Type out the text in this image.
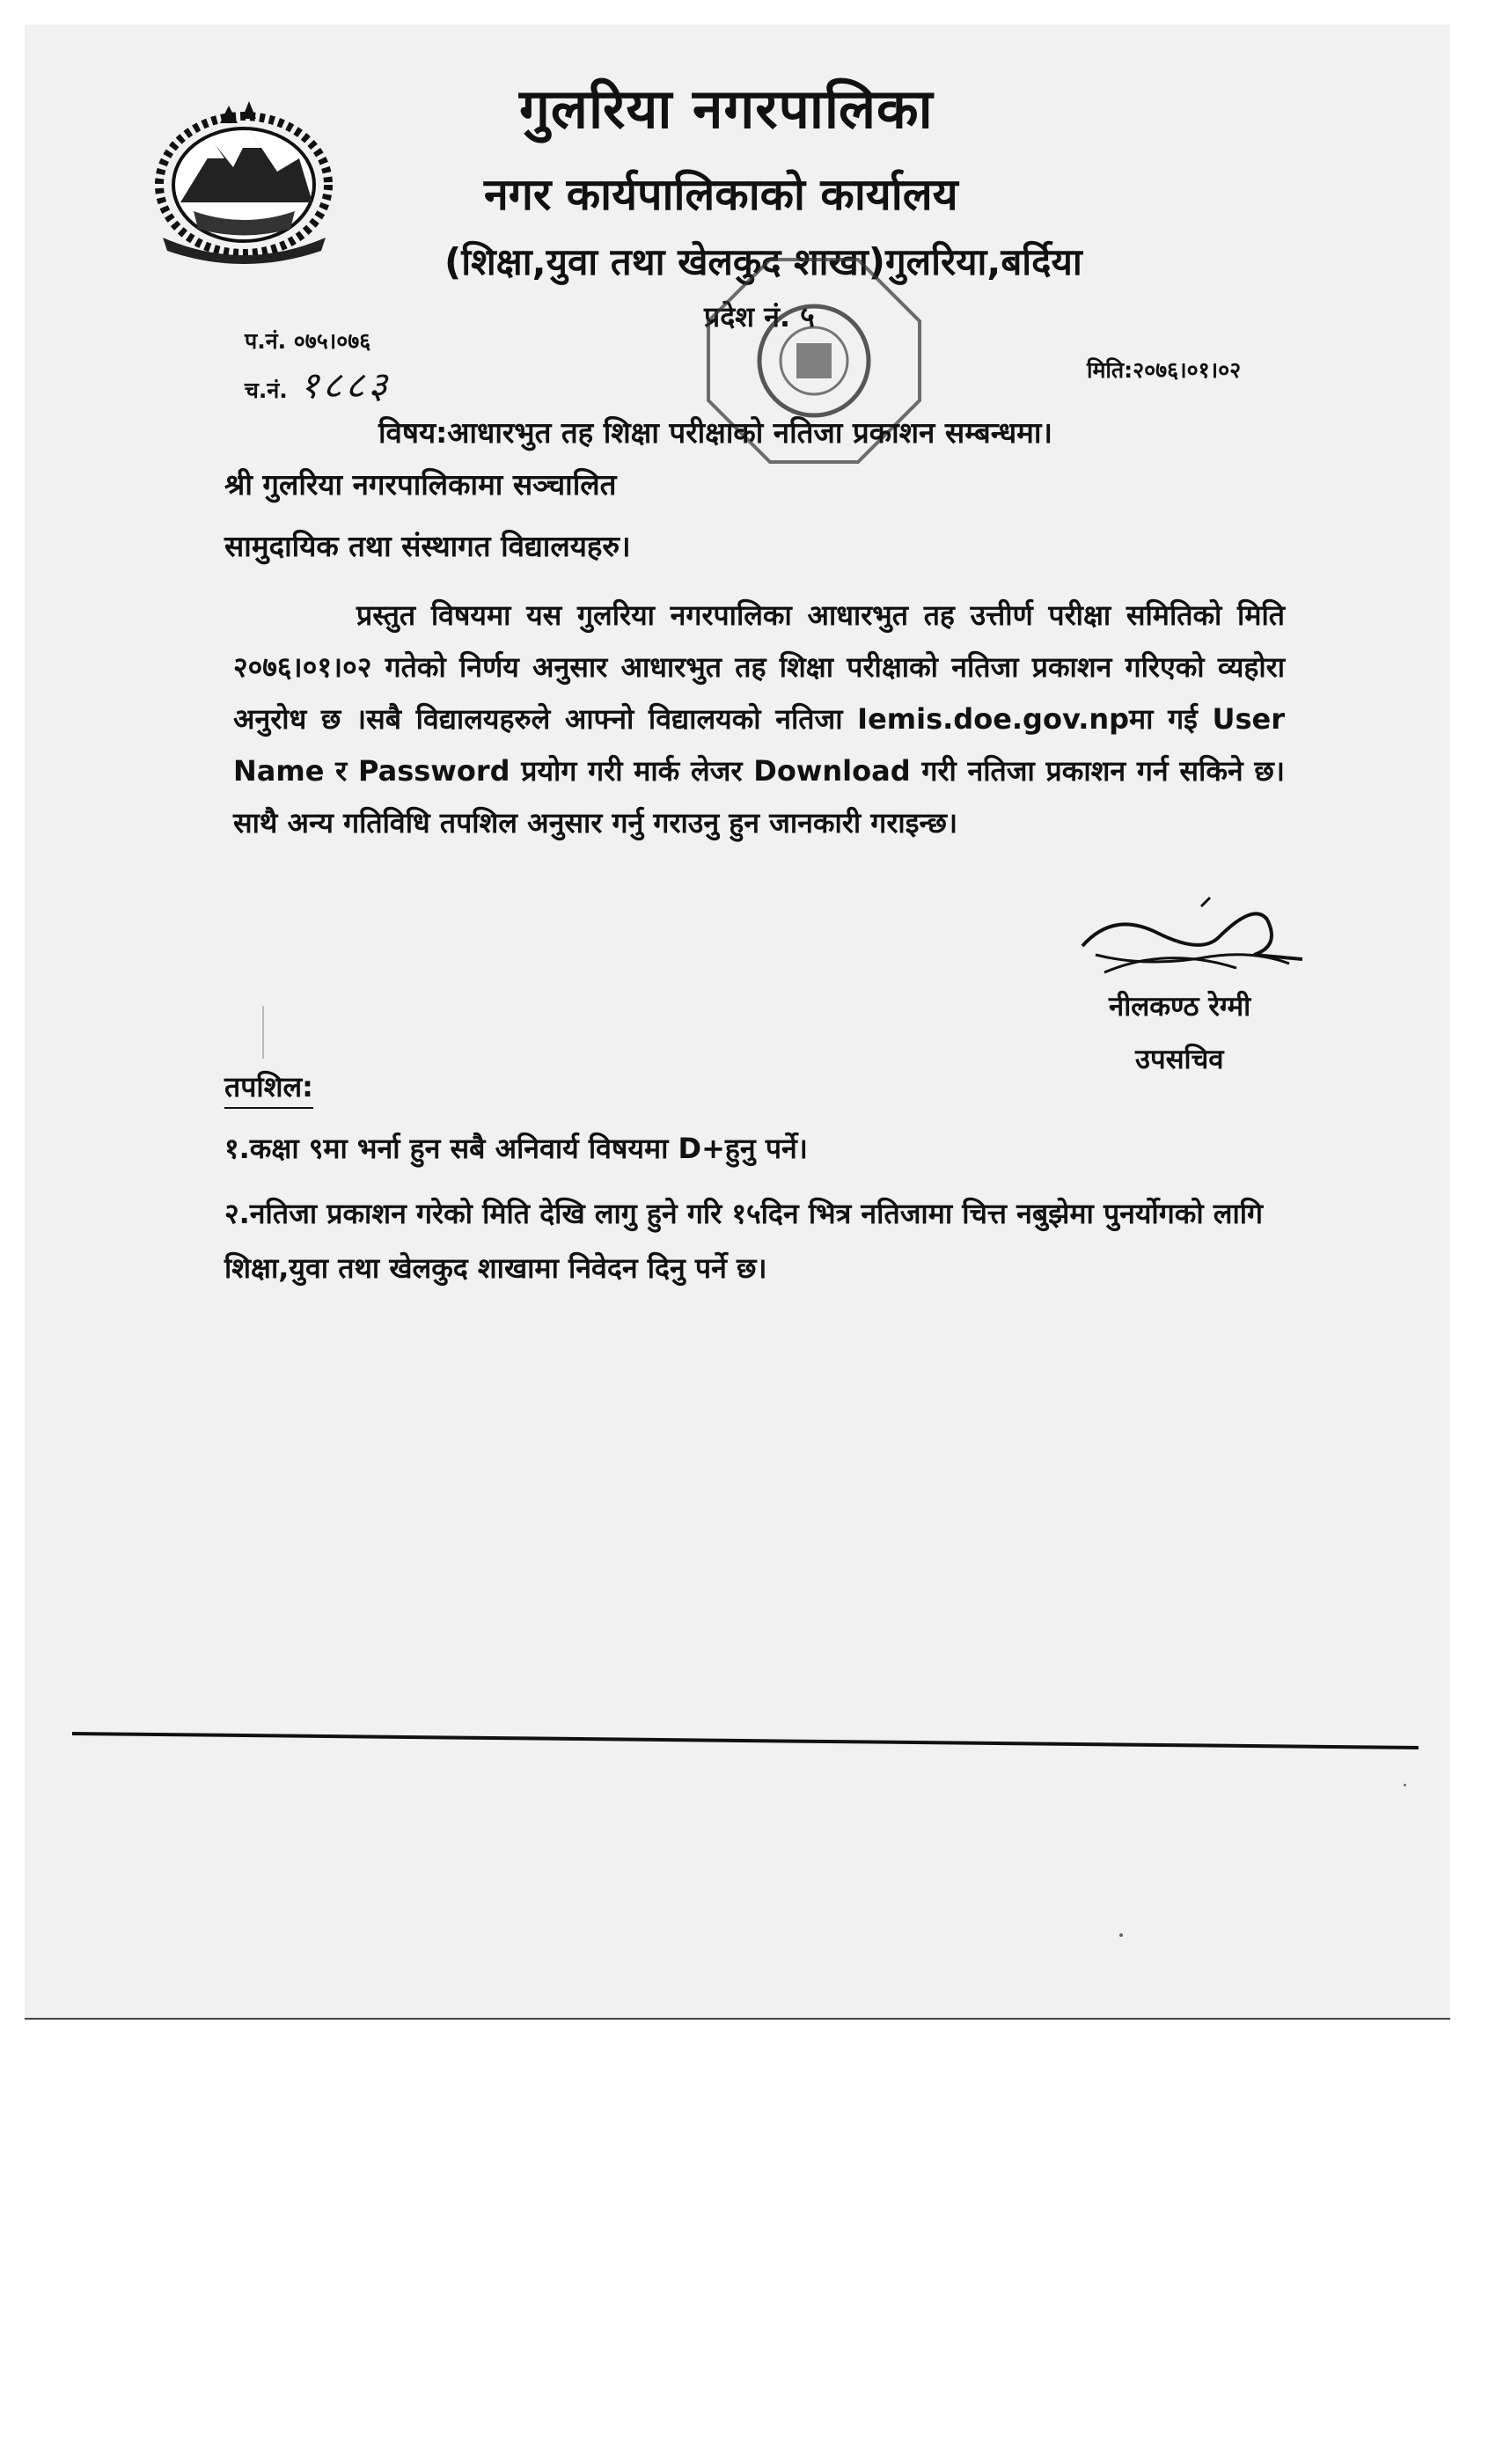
गुलरिया नगरपालिका
नगर कार्यपालिकाको कार्यालय
(शिक्षा,युवा तथा खेलकुद शाखा)गुलरिया,बर्दिया
प्रदेश नं. ५
प.नं. ०७५।०७६
च.नं. १८८३	मिति:२०७६।०१।०२
विषय:आधारभुत तह शिक्षा परीक्षाको नतिजा प्रकाशन सम्बन्धमा।
श्री गुलरिया नगरपालिकामा सञ्चालित
सामुदायिक तथा संस्थागत विद्यालयहरु।
प्रस्तुत विषयमा यस गुलरिया नगरपालिका आधारभुत तह उत्तीर्ण परीक्षा समितिको मिति २०७६।०१।०२ गतेको निर्णय अनुसार आधारभुत तह शिक्षा परीक्षाको नतिजा प्रकाशन गरिएको व्यहोरा अनुरोध छ ।सबै विद्यालयहरुले आफ्नो विद्यालयको नतिजा Iemis.doe.gov.npमा गई User Name र Password प्रयोग गरी मार्क लेजर Download गरी नतिजा प्रकाशन गर्न सकिने छ। साथै अन्य गतिविधि तपशिल अनुसार गर्नु गराउनु हुन जानकारी गराइन्छ।
नीलकण्ठ रेग्मी
उपसचिव
तपशिल:
१.कक्षा ९मा भर्ना हुन सबै अनिवार्य विषयमा D+हुनु पर्ने।
२.नतिजा प्रकाशन गरेको मिति देखि लागु हुने गरि १५दिन भित्र नतिजामा चित्त नबुझेमा पुनर्योगको लागि शिक्षा,युवा तथा खेलकुद शाखामा निवेदन दिनु पर्ने छ।
